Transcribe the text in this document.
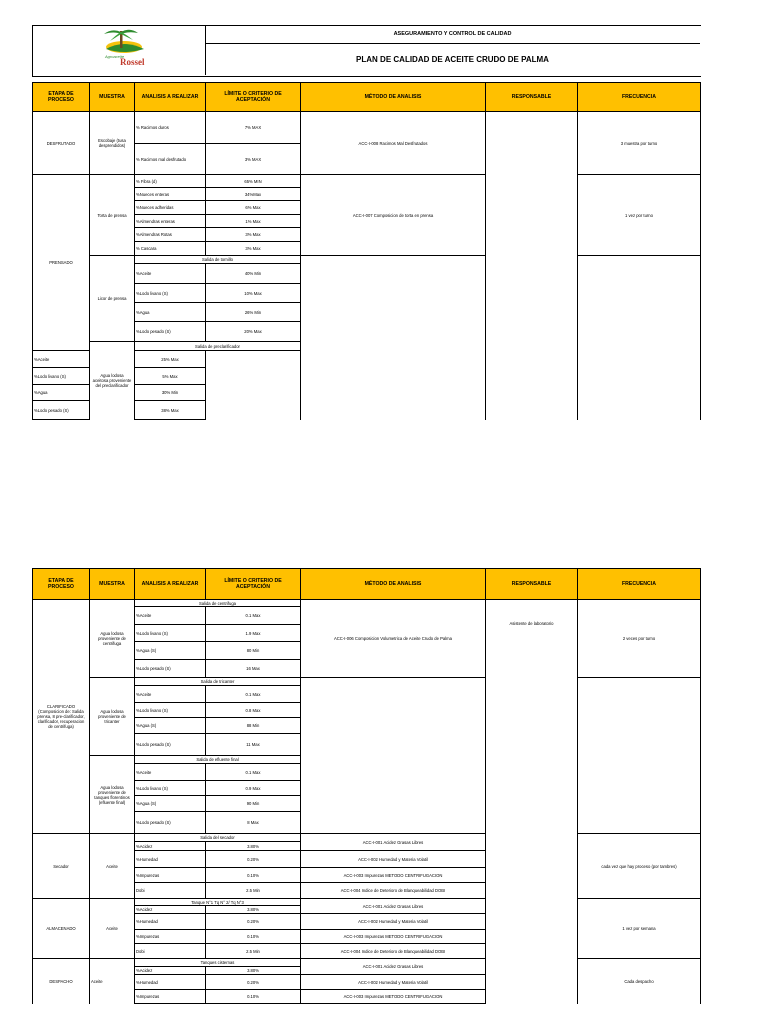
Agroaceite
Rossel
ASEGURAMIENTO Y CONTROL DE CALIDAD
PLAN DE CALIDAD DE ACEITE CRUDO DE PALMA
ETAPA DE PROCESO	MUESTRA	ANALISIS A REALIZAR	LÍMITE O CRITERIO DE ACEPTACIÓN	MÉTODO DE ANALISIS	RESPONSABLE	FRECUENCIA
DESFRUTADO	Escobaje (tusa desprendidos)	% Racimos duros	7% MAX	ACC-I-008 Racimos Mal Desfrutados		3 muestra por turno
		% Racimos mal desfrutado	3% MAX			
PRENSADO	Torta de prensa	% Fibra (d)	65% MIN	ACC-I-007 Composicion de torta en prensa		1 vez por turno
		%Nueces enteras	34%Max			
		%Nueces adheridas	6% Max			
		%Almendras enteras	1% Max			
		%Almendras Rotas	3% Max			
		% Cascara	3% Max			
	Licor de prensa	Salida de tornillo				
		%Aceite	40% Min			
		%Lodo livano (S)	10% Max			
		%Agua	26% Min			
		%Lodo pesado (S)	20% Max			
	Agua lodosa aceitosa proveniente del preclarificador	Salida de preclarificador				
%Aceite		25% Max				
%Lodo livano (S)		5% Max				
%Agua		30% Min				
%Lodo pesado (S)		38% Max				
ETAPA DE PROCESO	MUESTRA	ANALISIS A REALIZAR	LÍMITE O CRITERIO DE ACEPTACIÓN	MÉTODO DE ANALISIS	RESPONSABLE	FRECUENCIA
CLARIFICADO (Composicion de: Salida prensa, 8 pre-clarificador, clarificador, recuperacion de centrifuga)	Agua lodosa proveniente de centrifuga	Salida de centrifuga		ACC-I-006 Composicion Volumetrica de Aceite Crudo de Palma	Asistente de laboratorio	2 veces por turno
		%Aceite	0.1 Max			
		%Lodo livano (S)	1.9 Max			
		%Agua (S)	80 Min			
		%Lodo pesado (S)	16 Max			
	Agua lodosa proveniente de tricanter	Salida de tricanter				
		%Aceite	0.1 Max			
		%Lodo livano (S)	0.8 Max			
		%Agua (S)	88 Min			
		%Lodo pesado (S)	11 Max			
	Agua lodosa proveniente de tanques florentinos (efluente final)	Salida de efluente final				
		%Aceite	0.1 Max			
		%Lodo livano (S)	0.9 Max			
		%Agua (S)	90 Min			
		%Lodo pesado (S)	8 Max			
Secador	Aceite	Salida del secador		ACC-I-001 Acidez Grasas Libres		cada vez que hay proceso (por tambres)
		%Acidez	3.80%			
		%Humedad	0.20%	ACC-I-002 Humedad y Materia Volatil		
		%Impurezas	0.10%	ACC-I-003 Impurezas METODO CENTRIFUGACION		
		Dobi	2.5 Min	ACC-I-004 Indice de Deterioro de Blanqueabilidad DOBI		
ALMACENADO	Aceite	Tanque N°1 Tq N° 2/ Tq N°3		ACC-I-001 Acidez Grasas Libres		1 vez por semana
		%Acidez	3.80%			
		%Humedad	0.20%	ACC-I-002 Humedad y Materia Volatil		
		%Impurezas	0.10%	ACC-I-003 Impurezas METODO CENTRIFUGACION		
		Dobi	2.5 Min	ACC-I-004 Indice de Deterioro de Blanqueabilidad DOBI		
DESPACHO	Aceite	Tanques cisternas		ACC-I-001 Acidez Grasas Libres		Cada despacho
		%Acidez	3.80%			
		%Humedad	0.20%	ACC-I-002 Humedad y Materia Volatil		
		%Impurezas	0.10%	ACC-I-003 Impurezas METODO CENTRIFUGACION		
